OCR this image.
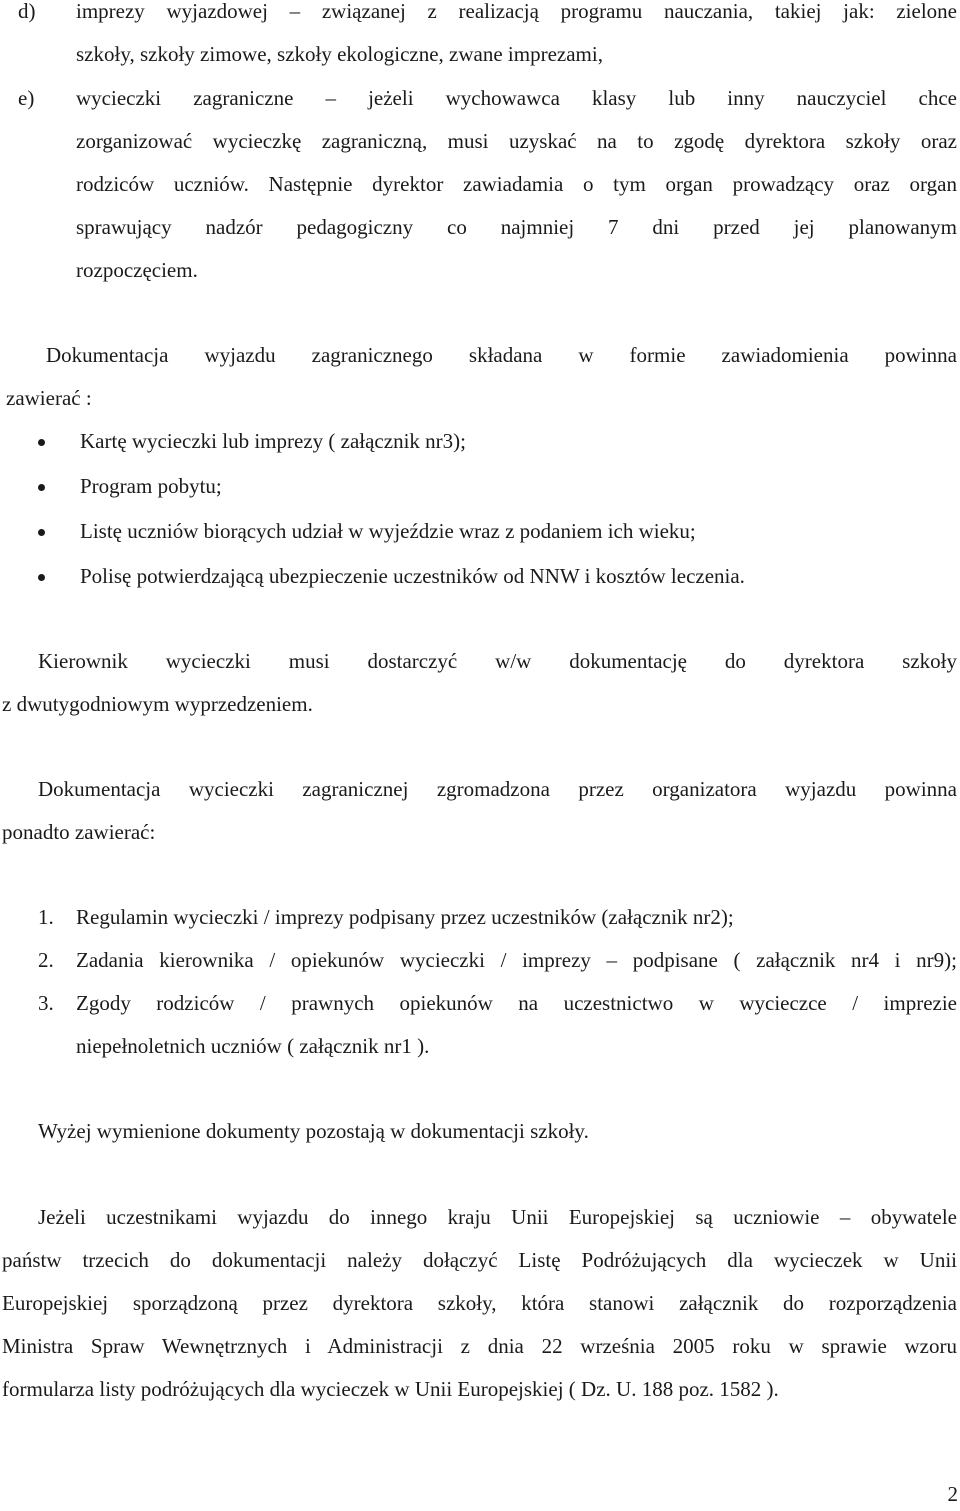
d) imprezy wyjazdowej – związanej z realizacją programu nauczania, takiej jak: zielone
szkoły, szkoły zimowe, szkoły ekologiczne, zwane imprezami,
e) wycieczki zagraniczne – jeżeli wychowawca klasy lub inny nauczyciel chce
zorganizować wycieczkę zagraniczną, musi uzyskać na to zgodę dyrektora szkoły oraz
rodziców uczniów. Następnie dyrektor zawiadamia o tym organ prowadzący oraz organ
sprawujący nadzór pedagogiczny co najmniej 7 dni przed jej planowanym
rozpoczęciem.
Dokumentacja wyjazdu zagranicznego składana w formie zawiadomienia powinna
zawierać :
Kartę wycieczki lub imprezy ( załącznik nr3);
Program pobytu;
Listę uczniów biorących udział w wyjeździe wraz z podaniem ich wieku;
Polisę potwierdzającą ubezpieczenie uczestników od NNW i kosztów leczenia.
Kierownik wycieczki musi dostarczyć w/w dokumentację do dyrektora szkoły
z dwutygodniowym wyprzedzeniem.
Dokumentacja wycieczki zagranicznej zgromadzona przez organizatora wyjazdu powinna
ponadto zawierać:
1. Regulamin wycieczki / imprezy podpisany przez uczestników (załącznik nr2);
2. Zadania kierownika / opiekunów wycieczki / imprezy – podpisane ( załącznik nr4 i nr9);
3. Zgody rodziców / prawnych opiekunów na uczestnictwo w wycieczce / imprezie
niepełnoletnich uczniów ( załącznik nr1 ).
Wyżej wymienione dokumenty pozostają w dokumentacji szkoły.
Jeżeli uczestnikami wyjazdu do innego kraju Unii Europejskiej są uczniowie – obywatele
państw trzecich do dokumentacji należy dołączyć Listę Podróżujących dla wycieczek w Unii
Europejskiej sporządzoną przez dyrektora szkoły, która stanowi załącznik do rozporządzenia
Ministra Spraw Wewnętrznych i Administracji z dnia 22 września 2005 roku w sprawie wzoru
formularza listy podróżujących dla wycieczek w Unii Europejskiej ( Dz. U. 188 poz. 1582 ).
2
